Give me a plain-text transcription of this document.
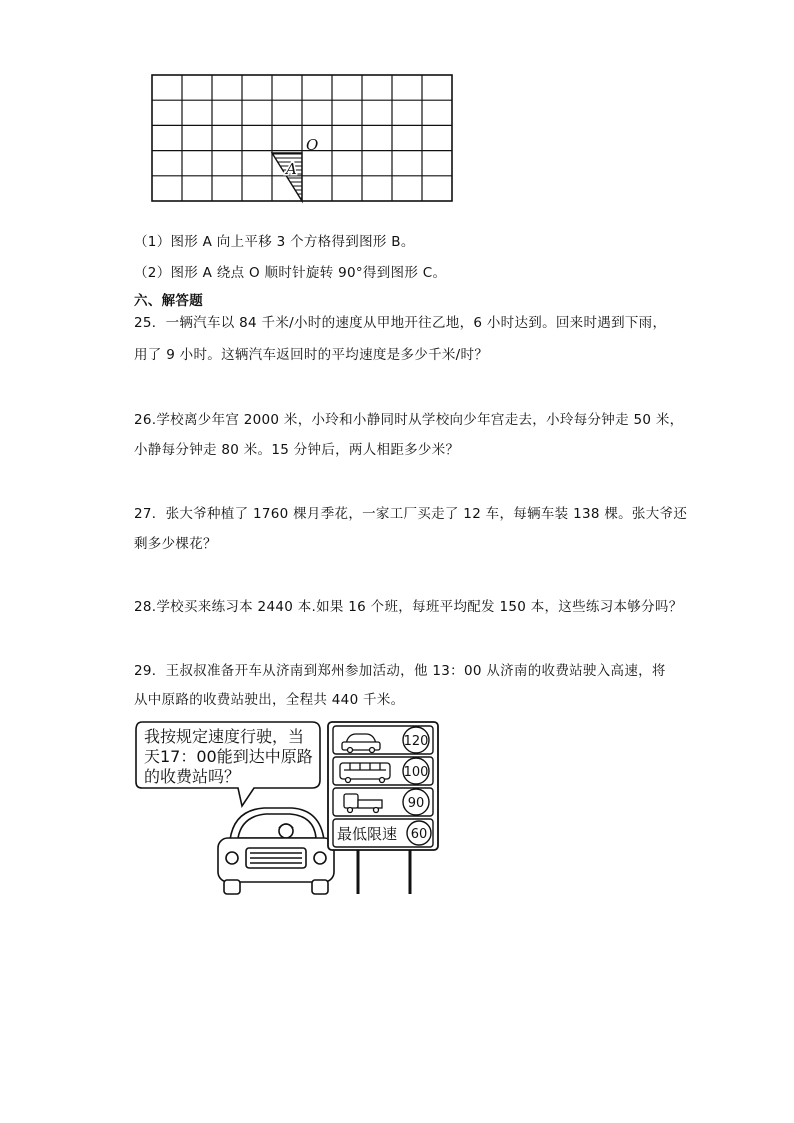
A
O
（1）图形 A 向上平移 3 个方格得到图形 B。
（2）图形 A 绕点 O 顺时针旋转 90°得到图形 C。
六、解答题
25．一辆汽车以 84 千米/小时的速度从甲地开往乙地，6 小时达到。回来时遇到下雨，
用了 9 小时。这辆汽车返回时的平均速度是多少千米/时？
26.学校离少年宫 2000 米，小玲和小静同时从学校向少年宫走去，小玲每分钟走 50 米，
小静每分钟走 80 米。15 分钟后，两人相距多少米？
27．张大爷种植了 1760 棵月季花，一家工厂买走了 12 车，每辆车装 138 棵。张大爷还
剩多少棵花？
28.学校买来练习本 2440 本.如果 16 个班，每班平均配发 150 本，这些练习本够分吗？
29．王叔叔准备开车从济南到郑州参加活动，他 13：00 从济南的收费站驶入高速，将
从中原路的收费站驶出，全程共 440 千米。
我按规定速度行驶，当
天17：00能到达中原路
的收费站吗？
120
100
90
最低限速 60
